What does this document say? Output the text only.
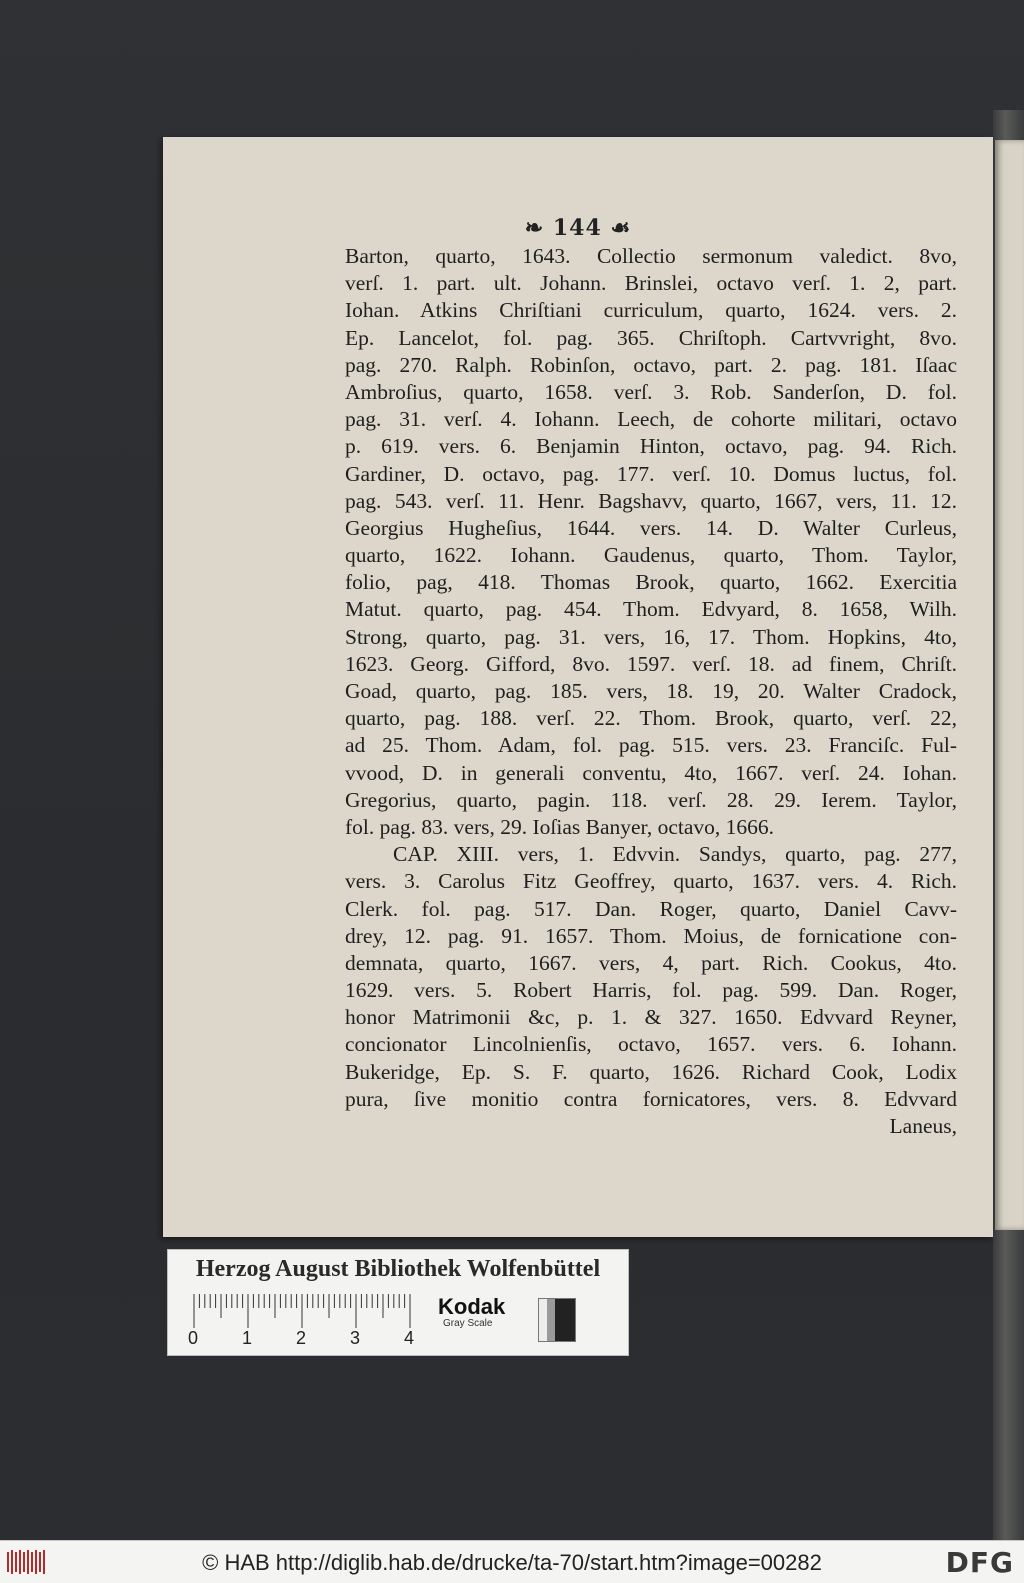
❧ 144 ☙
Barton, quarto, 1643. Collectio sermonum valedict. 8vo,
verſ. 1. part. ult. Johann. Brinslei, octavo verſ. 1. 2, part.
Iohan. Atkins Chriſtiani curriculum, quarto, 1624. vers. 2.
Ep. Lancelot, fol. pag. 365. Chriſtoph. Cartvvright, 8vo.
pag. 270. Ralph. Robinſon, octavo, part. 2. pag. 181. Iſaac
Ambroſius, quarto, 1658. verſ. 3. Rob. Sanderſon, D. fol.
pag. 31. verſ. 4. Iohann. Leech, de cohorte militari, octavo
p. 619. vers. 6. Benjamin Hinton, octavo, pag. 94. Rich.
Gardiner, D. octavo, pag. 177. verſ. 10. Domus luctus, fol.
pag. 543. verſ. 11. Henr. Bagshavv, quarto, 1667, vers, 11. 12.
Georgius Hugheſius, 1644. vers. 14. D. Walter Curleus,
quarto, 1622. Iohann. Gaudenus, quarto, Thom. Taylor,
folio, pag, 418. Thomas Brook, quarto, 1662. Exercitia
Matut. quarto, pag. 454. Thom. Edvyard, 8. 1658, Wilh.
Strong, quarto, pag. 31. vers, 16, 17. Thom. Hopkins, 4to,
1623. Georg. Gifford, 8vo. 1597. verſ. 18. ad finem, Chriſt.
Goad, quarto, pag. 185. vers, 18. 19, 20. Walter Cradock,
quarto, pag. 188. verſ. 22. Thom. Brook, quarto, verſ. 22,
ad 25. Thom. Adam, fol. pag. 515. vers. 23. Franciſc. Ful-
vvood, D. in generali conventu, 4to, 1667. verſ. 24. Iohan.
Gregorius, quarto, pagin. 118. verſ. 28. 29. Ierem. Taylor,
fol. pag. 83. vers, 29. Ioſias Banyer, octavo, 1666.
CAP. XIII. vers, 1. Edvvin. Sandys, quarto, pag. 277,
vers. 3. Carolus Fitz Geoffrey, quarto, 1637. vers. 4. Rich.
Clerk. fol. pag. 517. Dan. Roger, quarto, Daniel Cavv-
drey, 12. pag. 91. 1657. Thom. Moius, de fornicatione con-
demnata, quarto, 1667. vers, 4, part. Rich. Cookus, 4to.
1629. vers. 5. Robert Harris, fol. pag. 599. Dan. Roger,
honor Matrimonii &c, p. 1. & 327. 1650. Edvvard Reyner,
concionator Lincolnienſis, octavo, 1657. vers. 6. Iohann.
Bukeridge, Ep. S. F. quarto, 1626. Richard Cook, Lodix
pura, ſive monitio contra fornicatores, vers. 8. Edvvard
Laneus,
Herzog August Bibliothek Wolfenbüttel
0 1 2 3 4
Kodak
Gray Scale
© HAB http://diglib.hab.de/drucke/ta-70/start.htm?image=00282	DFG
